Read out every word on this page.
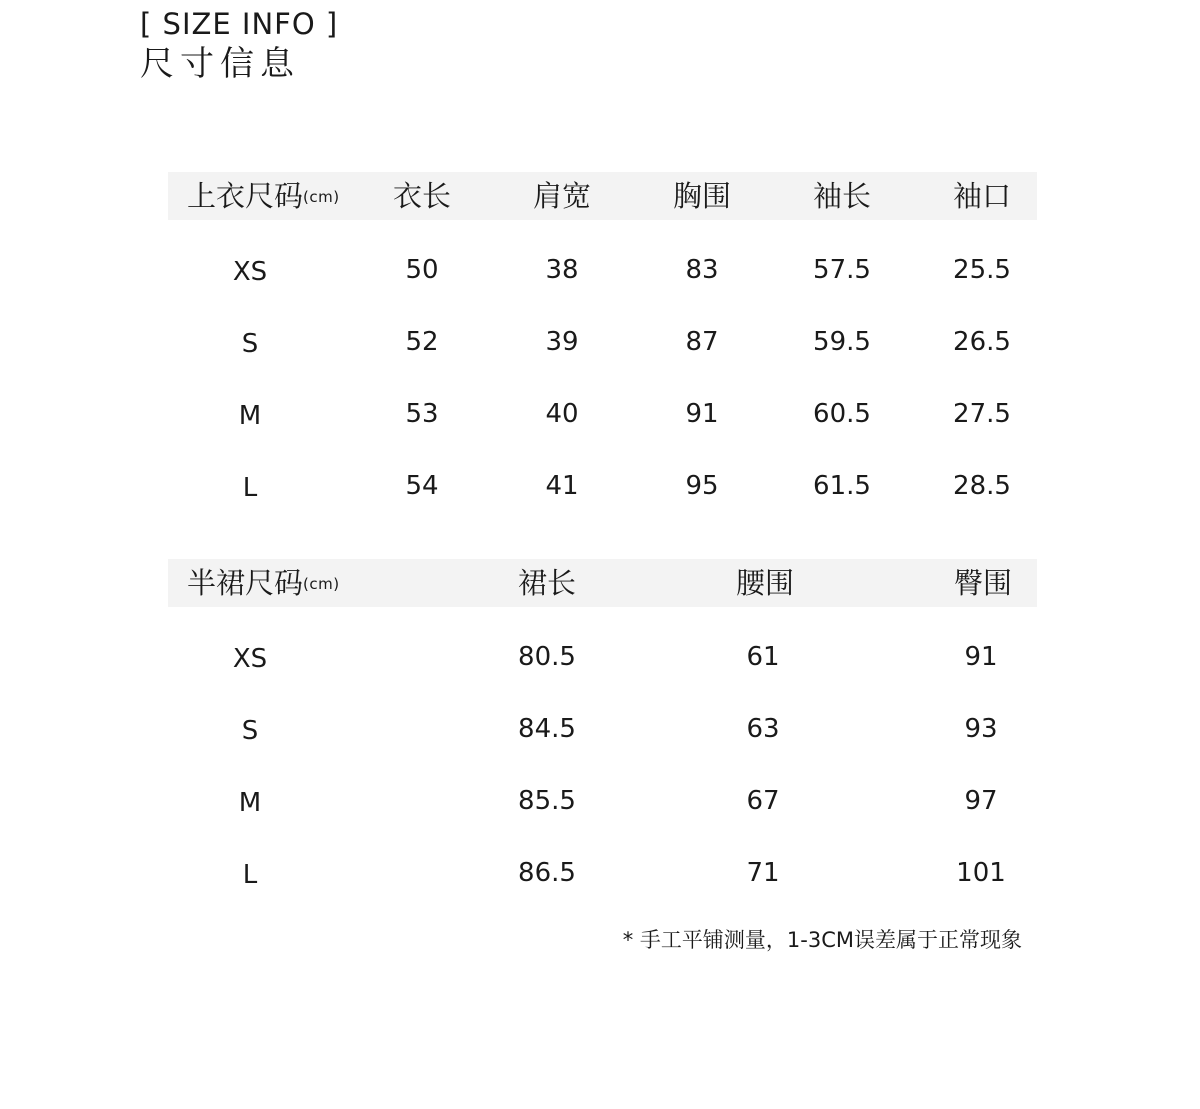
[ SIZE INFO ]
尺寸信息
上衣尺码(cm) 衣长	肩宽	胸围	袖长	袖口
XS	50	38	83	57.5	25.5
S	52	39	87	59.5	26.5
M	53	40	91	60.5	27.5
L	54	41	95	61.5	28.5
半裙尺码(cm)	裙长	腰围	臀围
XS	80.5	61	91
S	84.5	63	93
M	85.5	67	97
L	86.5	71	101
* 手工平铺测量，1-3CM误差属于正常现象
